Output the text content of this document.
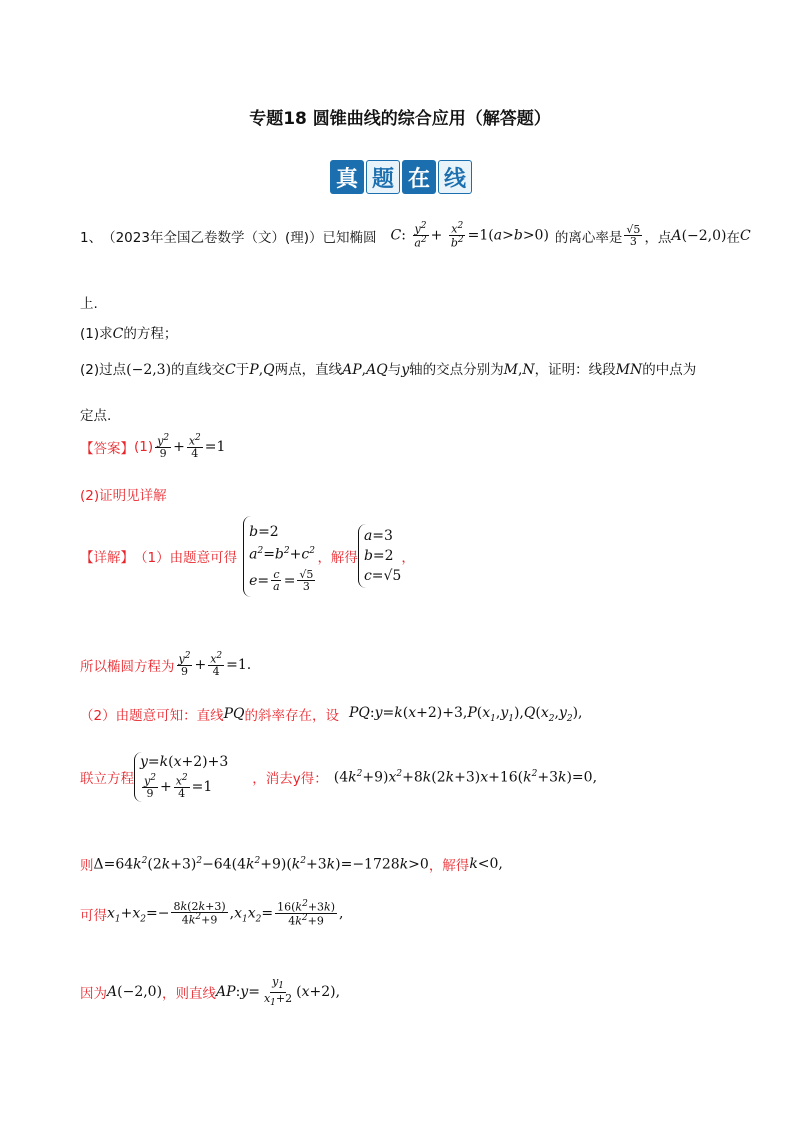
专题18 圆锥曲线的综合应用（解答题）
真 题 在 线
1、 （2023年全国乙卷数学（文）(理)）已知椭圆 C: $\frac{y^2}{a^2} + \frac{x^2}{b^2} =1(a>b>0)$ 的离心率是 $\frac{√5}{3}$ ，点 A(−2,0) 在 C
上.
(1)求C的方程；
(2)过点(−2,3)的直线交C于P,Q两点，直线AP,AQ与y轴的交点分别为M,N，证明：线段MN的中点为
定点.
【答案】 $(1) \frac{y^2}{9} + \frac{x^2}{4} =1$
(2)证明见详解
【详解】 （1）由题意可得
b=2
$a^2=b^2+c^2$
$e= \frac{c}{a} = \frac{√5}{3}$
，解得
a=3
b=2
c=√5
，
所以椭圆方程为 $\frac{y^2}{9} + \frac{x^2}{4} =1$.
（2）由题意可知：直线 PQ 的斜率存在，设 $PQ:y=k(x+2)+3,P(x_1,y_1),Q(x_2,y_2)$,
联立方程
y=k(x+2)+3
$\frac{y^2}{9} + \frac{x^2}{4} =1$	，消去y得： $(4k^2+9)x^2+8k(2k+3)x+16(k^2+3k)=0$,
则 $\Delta=64k^2(2k+3)^2-64(4k^2+9)(k^2+3k)=-1728k>0$ ，解得 k<0,
可得 $x_1+x_2=- \frac{8k(2k+3)}{4k^2+9} ,x_1x_2= \frac{16(k^2+3k)}{4k^2+9}$ ,
因为 A(−2,0) ，则直线 AP:y= $\frac{y_1}{x_1+2} (x+2)$,
